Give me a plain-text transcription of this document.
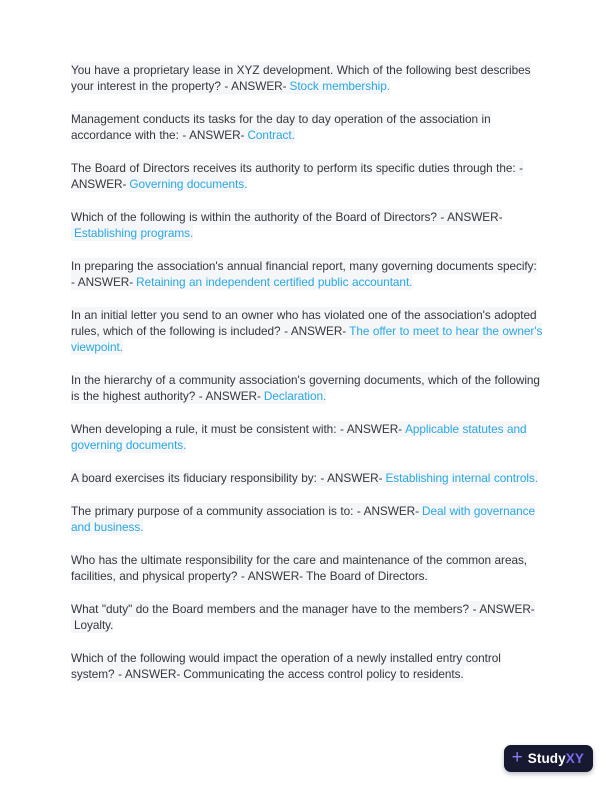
You have a proprietary lease in XYZ development. Which of the following best describes your interest in the property? - ANSWER- Stock membership.

Management conducts its tasks for the day to day operation of the association in accordance with the: - ANSWER- Contract.

The Board of Directors receives its authority to perform its specific duties through the: - ANSWER- Governing documents.

Which of the following is within the authority of the Board of Directors? - ANSWER-Establishing programs.

In preparing the association's annual financial report, many governing documents specify: - ANSWER- Retaining an independent certified public accountant.

In an initial letter you send to an owner who has violated one of the association's adopted rules, which of the following is included? - ANSWER- The offer to meet to hear the owner's viewpoint.

In the hierarchy of a community association's governing documents, which of the following is the highest authority? - ANSWER- Declaration.

When developing a rule, it must be consistent with: - ANSWER- Applicable statutes and governing documents.

A board exercises its fiduciary responsibility by: - ANSWER- Establishing internal controls.

The primary purpose of a community association is to: - ANSWER- Deal with governance and business.

Who has the ultimate responsibility for the care and maintenance of the common areas, facilities, and physical property? - ANSWER- The Board of Directors.

What "duty" do the Board members and the manager have to the members? - ANSWER-Loyalty.

Which of the following would impact the operation of a newly installed entry control system? - ANSWER- Communicating the access control policy to residents.

+ StudyXY
